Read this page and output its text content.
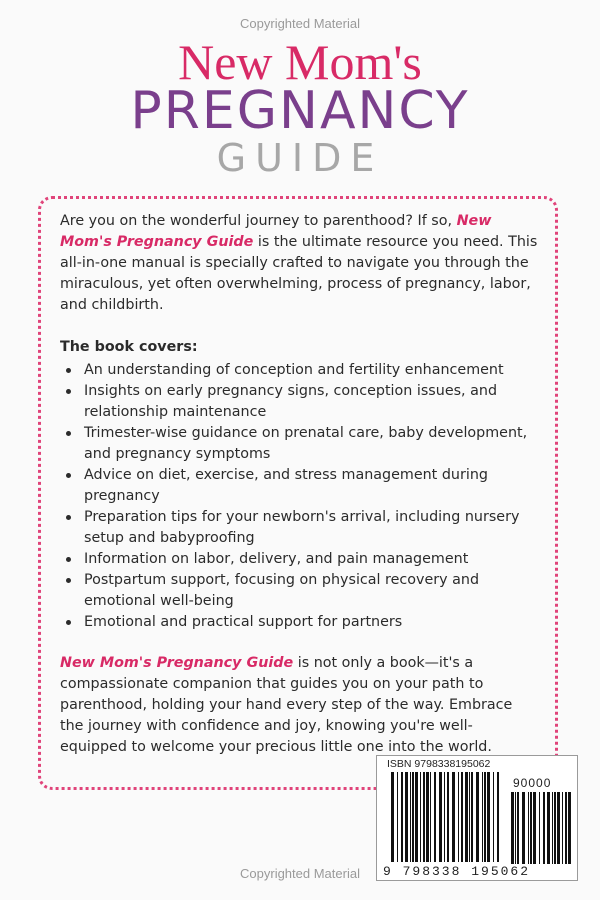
Copyrighted Material
New Mom's
PREGNANCY
GUIDE

Are you on the wonderful journey to parenthood? If so, New Mom's Pregnancy Guide is the ultimate resource you need. This all-in-one manual is specially crafted to navigate you through the miraculous, yet often overwhelming, process of pregnancy, labor, and childbirth.

The book covers:

An understanding of conception and fertility enhancement
Insights on early pregnancy signs, conception issues, and relationship maintenance
Trimester-wise guidance on prenatal care, baby development, and pregnancy symptoms
Advice on diet, exercise, and stress management during pregnancy
Preparation tips for your newborn's arrival, including nursery setup and babyproofing
Information on labor, delivery, and pain management
Postpartum support, focusing on physical recovery and emotional well-being
Emotional and practical support for partners

New Mom's Pregnancy Guide is not only a book—it's a compassionate companion that guides you on your path to parenthood, holding your hand every step of the way. Embrace the journey with confidence and joy, knowing you're well-equipped to welcome your precious little one into the world.

ISBN 9798338195062
90000
9 798338 195062
Copyrighted Material
